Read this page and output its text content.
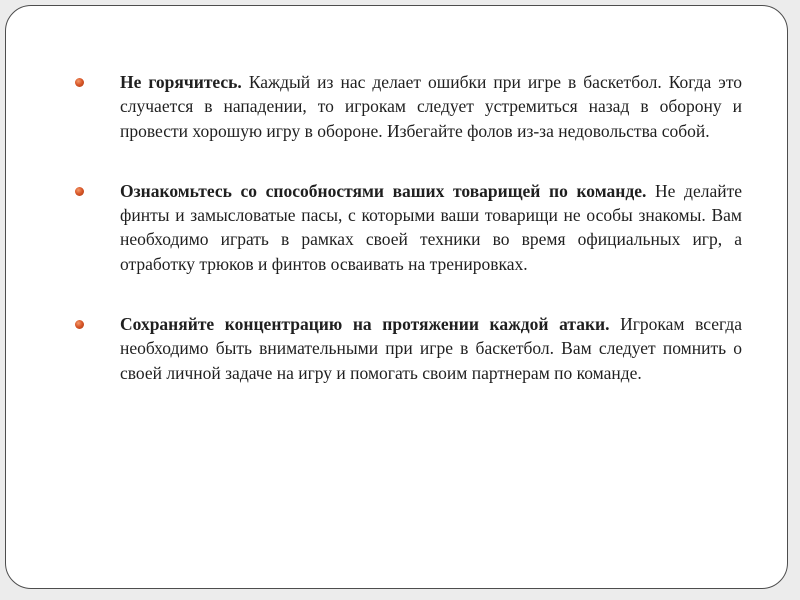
Не горячитесь. Каждый из нас делает ошибки при игре в баскетбол. Когда это случается в нападении, то игрокам следует устремиться назад в оборону и провести хорошую игру в обороне. Избегайте фолов из-за недовольства собой.
Ознакомьтесь со способностями ваших товарищей по команде. Не делайте финты и замысловатые пасы, с которыми ваши товарищи не особы знакомы. Вам необходимо играть в рамках своей техники во время официальных игр, а отработку трюков и финтов осваивать на тренировках.
Сохраняйте концентрацию на протяжении каждой атаки. Игрокам всегда необходимо быть внимательными при игре в баскетбол. Вам следует помнить о своей личной задаче на игру и помогать своим партнерам по команде.
